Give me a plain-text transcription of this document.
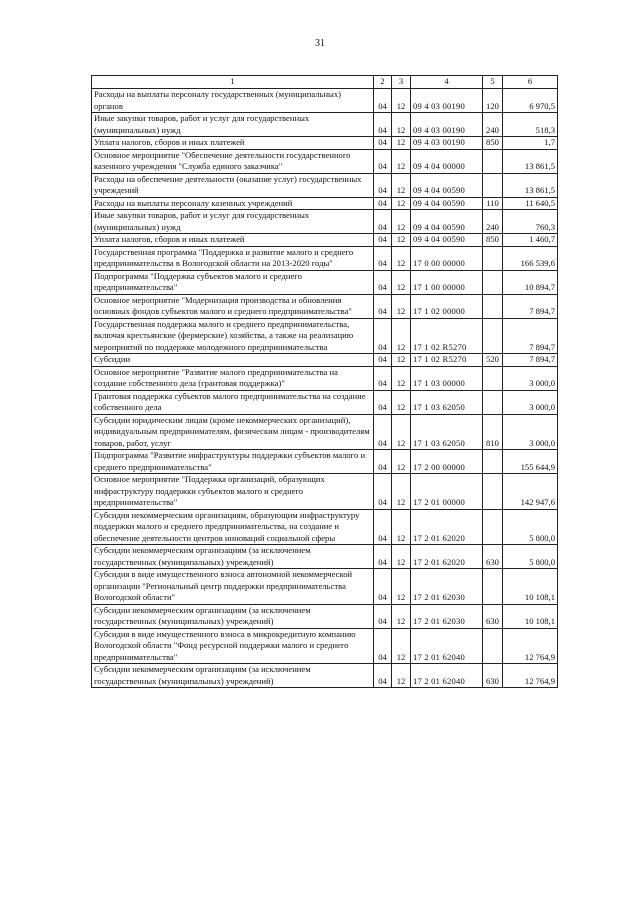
31
1	2	3	4	5	6
Расходы на выплаты персоналу государственных (муниципальных) органов	04	12	09 4 03 00190	120	6 970,5
Иные закупки товаров, работ и услуг для государственных (муниципальных) нужд	04	12	09 4 03 00190	240	518,3
Уплата налогов, сборов и иных платежей	04	12	09 4 03 00190	850	1,7
Основное мероприятие "Обеспечение деятельности государственного казенного учреждения "Служба единого заказчика"	04	12	09 4 04 00000		13 861,5
Расходы на обеспечение деятельности (оказание услуг) государственных учреждений	04	12	09 4 04 00590		13 861,5
Расходы на выплаты персоналу казенных учреждений	04	12	09 4 04 00590	110	11 640,5
Иные закупки товаров, работ и услуг для государственных (муниципальных) нужд	04	12	09 4 04 00590	240	760,3
Уплата налогов, сборов и иных платежей	04	12	09 4 04 00590	850	1 460,7
Государственная программа "Поддержка и развитие малого и среднего предпринимательства в Вологодской области на 2013-2020 годы"	04	12	17 0 00 00000		166 539,6
Подпрограмма "Поддержка субъектов малого и среднего предпринимательства"	04	12	17 1 00 00000		10 894,7
Основное мероприятие "Модернизация производства и обновления основных фондов субъектов малого и среднего предпринимательства"	04	12	17 1 02 00000		7 894,7
Государственная поддержка малого и среднего предпринимательства, включая крестьянские (фермерские) хозяйства, а также на реализацию мероприятий по поддержке молодежного предпринимательства	04	12	17 1 02 R5270		7 894,7
Субсидии	04	12	17 1 02 R5270	520	7 894,7
Основное мероприятие "Развитие малого предпринимательства на создание собственного дела (грантовая поддержка)"	04	12	17 1 03 00000		3 000,0
Грантовая поддержка субъектов малого предпринимательства на создание собственного дела	04	12	17 1 03 62050		3 000,0
Субсидии юридическим лицам (кроме некоммерческих организаций), индивидуальным предпринимателям, физическим лицам - производителям товаров, работ, услуг	04	12	17 1 03 62050	810	3 000,0
Подпрограмма "Развитие инфраструктуры поддержки субъектов малого и среднего предпринимательства"	04	12	17 2 00 00000		155 644,9
Основное мероприятие "Поддержка организаций, образующих инфраструктуру поддержки субъектов малого и среднего предпринимательства"	04	12	17 2 01 00000		142 947,6
Субсидия некоммерческим организациям, образующим инфраструктуру поддержки малого и среднего предпринимательства, на создание и обеспечение деятельности центров инноваций социальной сферы	04	12	17 2 01 62020		5 800,0
Субсидии некоммерческим организациям (за исключением государственных (муниципальных) учреждений)	04	12	17 2 01 62020	630	5 800,0
Субсидия в виде имущественного взноса автономной некоммерческой организации "Региональный центр поддержки предпринимательства Вологодской области"	04	12	17 2 01 62030		10 108,1
Субсидии некоммерческим организациям (за исключением государственных (муниципальных) учреждений)	04	12	17 2 01 62030	630	10 108,1
Субсидия в виде имущественного взноса в микрокредитную компанию Вологодской области "Фонд ресурсной поддержки малого и среднего предпринимательства"	04	12	17 2 01 62040		12 764,9
Субсидии некоммерческим организациям (за исключением государственных (муниципальных) учреждений)	04	12	17 2 01 62040	630	12 764,9
